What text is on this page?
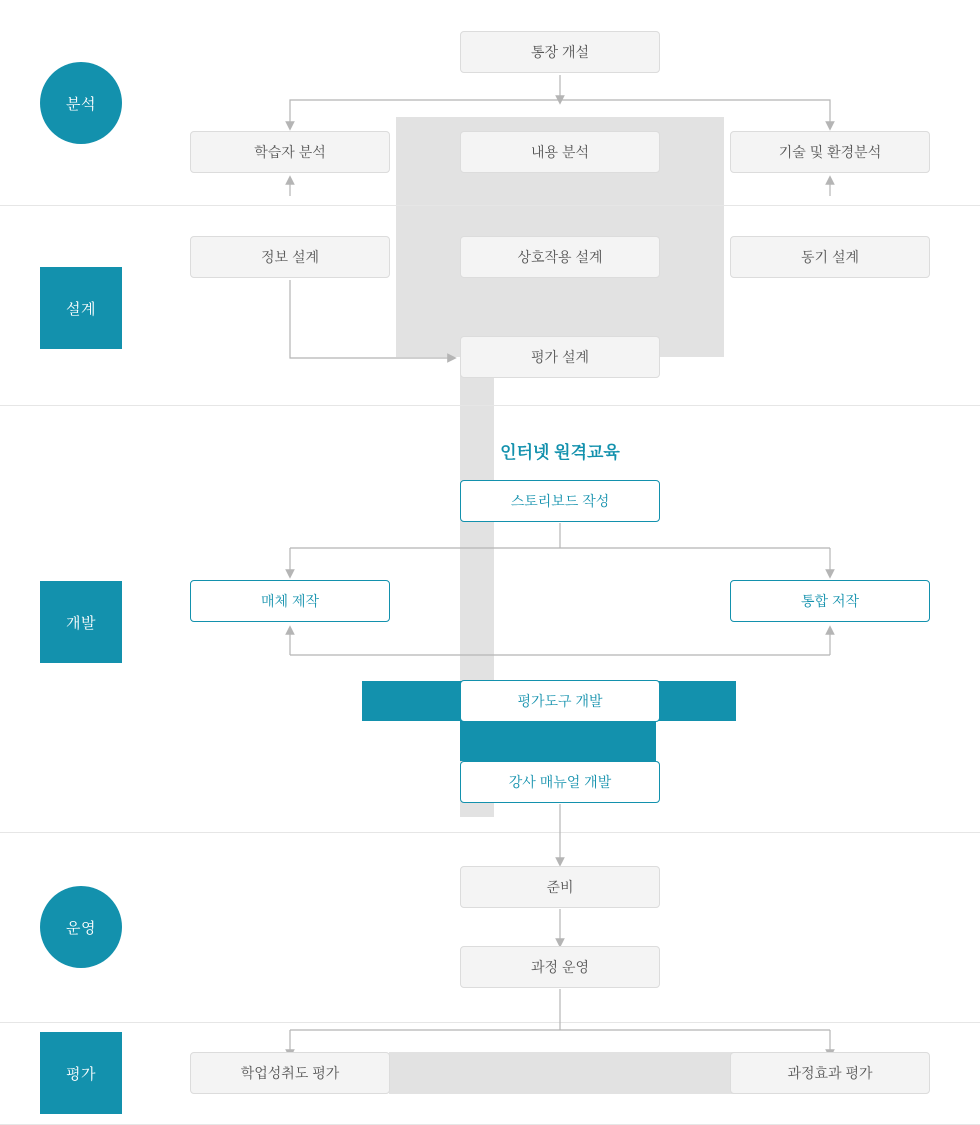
분석
설계
개발
운영
평가
통장 개설
학습자 분석	내용 분석	기술 및 환경분석
정보 설계	상호작용 설계	동기 설계
평가 설계
인터넷 원격교육
스토리보드 작성
매체 제작	통합 저작
평가도구 개발
강사 매뉴얼 개발
준비
과정 운영
학업성취도 평가	과정효과 평가
